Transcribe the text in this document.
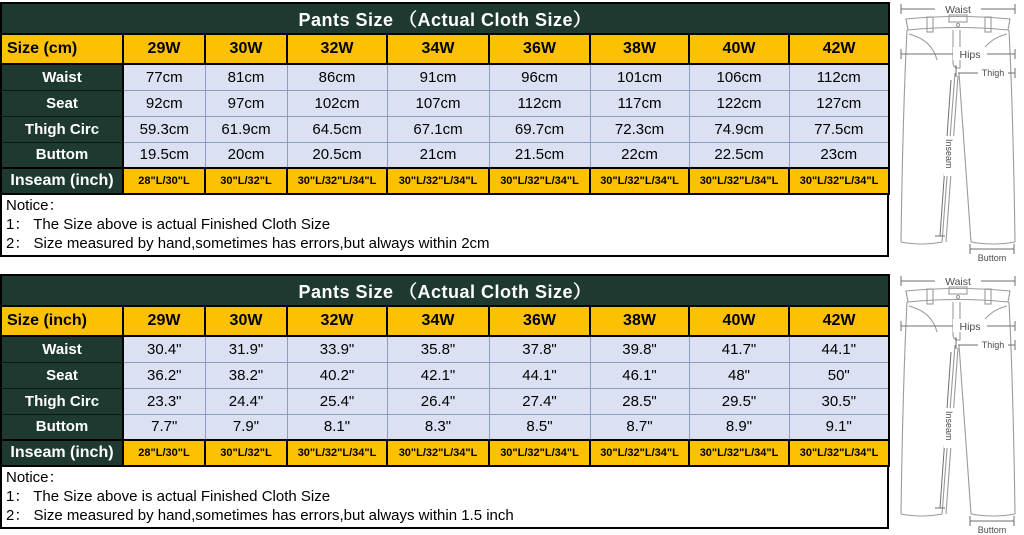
Pants Size （Actual Cloth Size）								
Size (cm)	29W	30W	32W	34W	36W	38W	40W	42W
Waist	77cm	81cm	86cm	91cm	96cm	101cm	106cm	112cm
Seat	92cm	97cm	102cm	107cm	112cm	117cm	122cm	127cm
Thigh Circ	59.3cm	61.9cm	64.5cm	67.1cm	69.7cm	72.3cm	74.9cm	77.5cm
Buttom	19.5cm	20cm	20.5cm	21cm	21.5cm	22cm	22.5cm	23cm
Inseam (inch)	28"L/30"L	30"L/32"L	30"L/32"L/34"L	30"L/32"L/34"L	30"L/32"L/34"L	30"L/32"L/34"L	30"L/32"L/34"L	30"L/32"L/34"L
Notice：
1： The Size above is actual Finished Cloth Size
2： Size measured by hand,sometimes has errors,but always within 2cm
Pants Size （Actual Cloth Size）								
Size (inch)	29W	30W	32W	34W	36W	38W	40W	42W
Waist	30.4"	31.9"	33.9"	35.8"	37.8"	39.8"	41.7"	44.1"
Seat	36.2"	38.2"	40.2"	42.1"	44.1"	46.1"	48"	50"
Thigh Circ	23.3"	24.4"	25.4"	26.4"	27.4"	28.5"	29.5"	30.5"
Buttom	7.7"	7.9"	8.1"	8.3"	8.5"	8.7"	8.9"	9.1"
Inseam (inch)	28"L/30"L	30"L/32"L	30"L/32"L/34"L	30"L/32"L/34"L	30"L/32"L/34"L	30"L/32"L/34"L	30"L/32"L/34"L	30"L/32"L/34"L
Notice：
1： The Size above is actual Finished Cloth Size
2： Size measured by hand,sometimes has errors,but always within 1.5 inch
Waist
Hips
Thigh
Inseam
Buttom
Waist
Hips
Thigh
Inseam
Buttom
